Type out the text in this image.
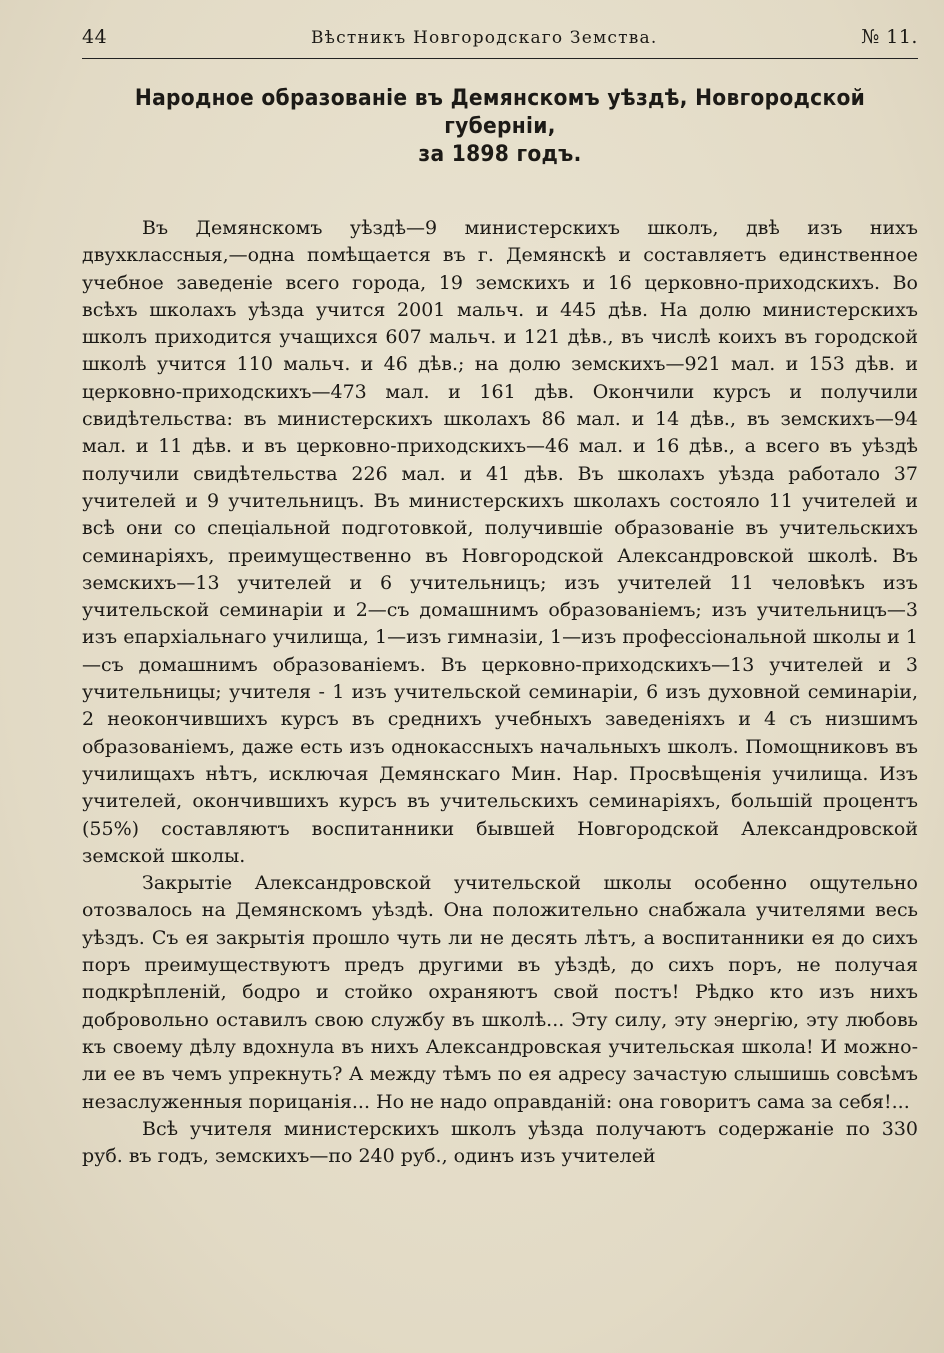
44	Вѣстникъ Новгородскаго Земства.	№ 11.
Народное образованіе въ Демянскомъ уѣздѣ, Новгородской губерніи,
за 1898 годъ.

Въ Демянскомъ уѣздѣ—9 министерскихъ школъ, двѣ изъ нихъ двухклассныя,—одна помѣщается въ г. Демянскѣ и составляетъ единственное учебное заведеніе всего города, 19 земскихъ и 16 церковно-приходскихъ. Во всѣхъ школахъ уѣзда учится 2001 мальч. и 445 дѣв. На долю министерскихъ школъ приходится учащихся 607 мальч. и 121 дѣв., въ числѣ коихъ въ городской школѣ учится 110 мальч. и 46 дѣв.; на долю земскихъ—921 мал. и 153 дѣв. и церковно-приходскихъ—473 мал. и 161 дѣв. Окончили курсъ и получили свидѣтельства: въ министерскихъ школахъ 86 мал. и 14 дѣв., въ земскихъ—94 мал. и 11 дѣв. и въ церковно-приходскихъ—46 мал. и 16 дѣв., а всего въ уѣздѣ получили свидѣтельства 226 мал. и 41 дѣв. Въ школахъ уѣзда работало 37 учителей и 9 учительницъ. Въ министерскихъ школахъ состояло 11 учителей и всѣ они со спеціальной подготовкой, получившіе образованіе въ учительскихъ семинаріяхъ, преимущественно въ Новгородской Александровской школѣ. Въ земскихъ—13 учителей и 6 учительницъ; изъ учителей 11 человѣкъ изъ учительской семинаріи и 2—съ домашнимъ образованіемъ; изъ учительницъ—3 изъ епархіальнаго училища, 1—изъ гимназіи, 1—изъ профессіональной школы и 1—съ домашнимъ образованіемъ. Въ церковно-приходскихъ—13 учителей и 3 учительницы; учителя - 1 изъ учительской семинаріи, 6 изъ духовной семинаріи, 2 неокончившихъ курсъ въ среднихъ учебныхъ заведеніяхъ и 4 съ низшимъ образованіемъ, даже есть изъ однокассныхъ начальныхъ школъ. Помощниковъ въ училищахъ нѣтъ, исключая Демянскаго Мин. Нар. Просвѣщенія училища. Изъ учителей, окончившихъ курсъ въ учительскихъ семинаріяхъ, большій процентъ (55%) составляютъ воспитанники бывшей Новгородской Александровской земской школы.

Закрытіе Александровской учительской школы особенно ощутельно отозвалось на Демянскомъ уѣздѣ. Она положительно снабжала учителями весь уѣздъ. Съ ея закрытія прошло чуть ли не десять лѣтъ, а воспитанники ея до сихъ поръ преимуществуютъ предъ другими въ уѣздѣ, до сихъ поръ, не получая подкрѣпленій, бодро и стойко охраняютъ свой постъ! Рѣдко кто изъ нихъ добровольно оставилъ свою службу въ школѣ... Эту силу, эту энергію, эту любовь къ своему дѣлу вдохнула въ нихъ Александровская учительская школа! И можно-ли ее въ чемъ упрекнуть? А между тѣмъ по ея адресу зачастую слышишь совсѣмъ незаслуженныя порицанія... Но не надо оправданій: она говоритъ сама за себя!...

Всѣ учителя министерскихъ школъ уѣзда получаютъ содержаніе по 330 руб. въ годъ, земскихъ—по 240 руб., одинъ изъ учителей
